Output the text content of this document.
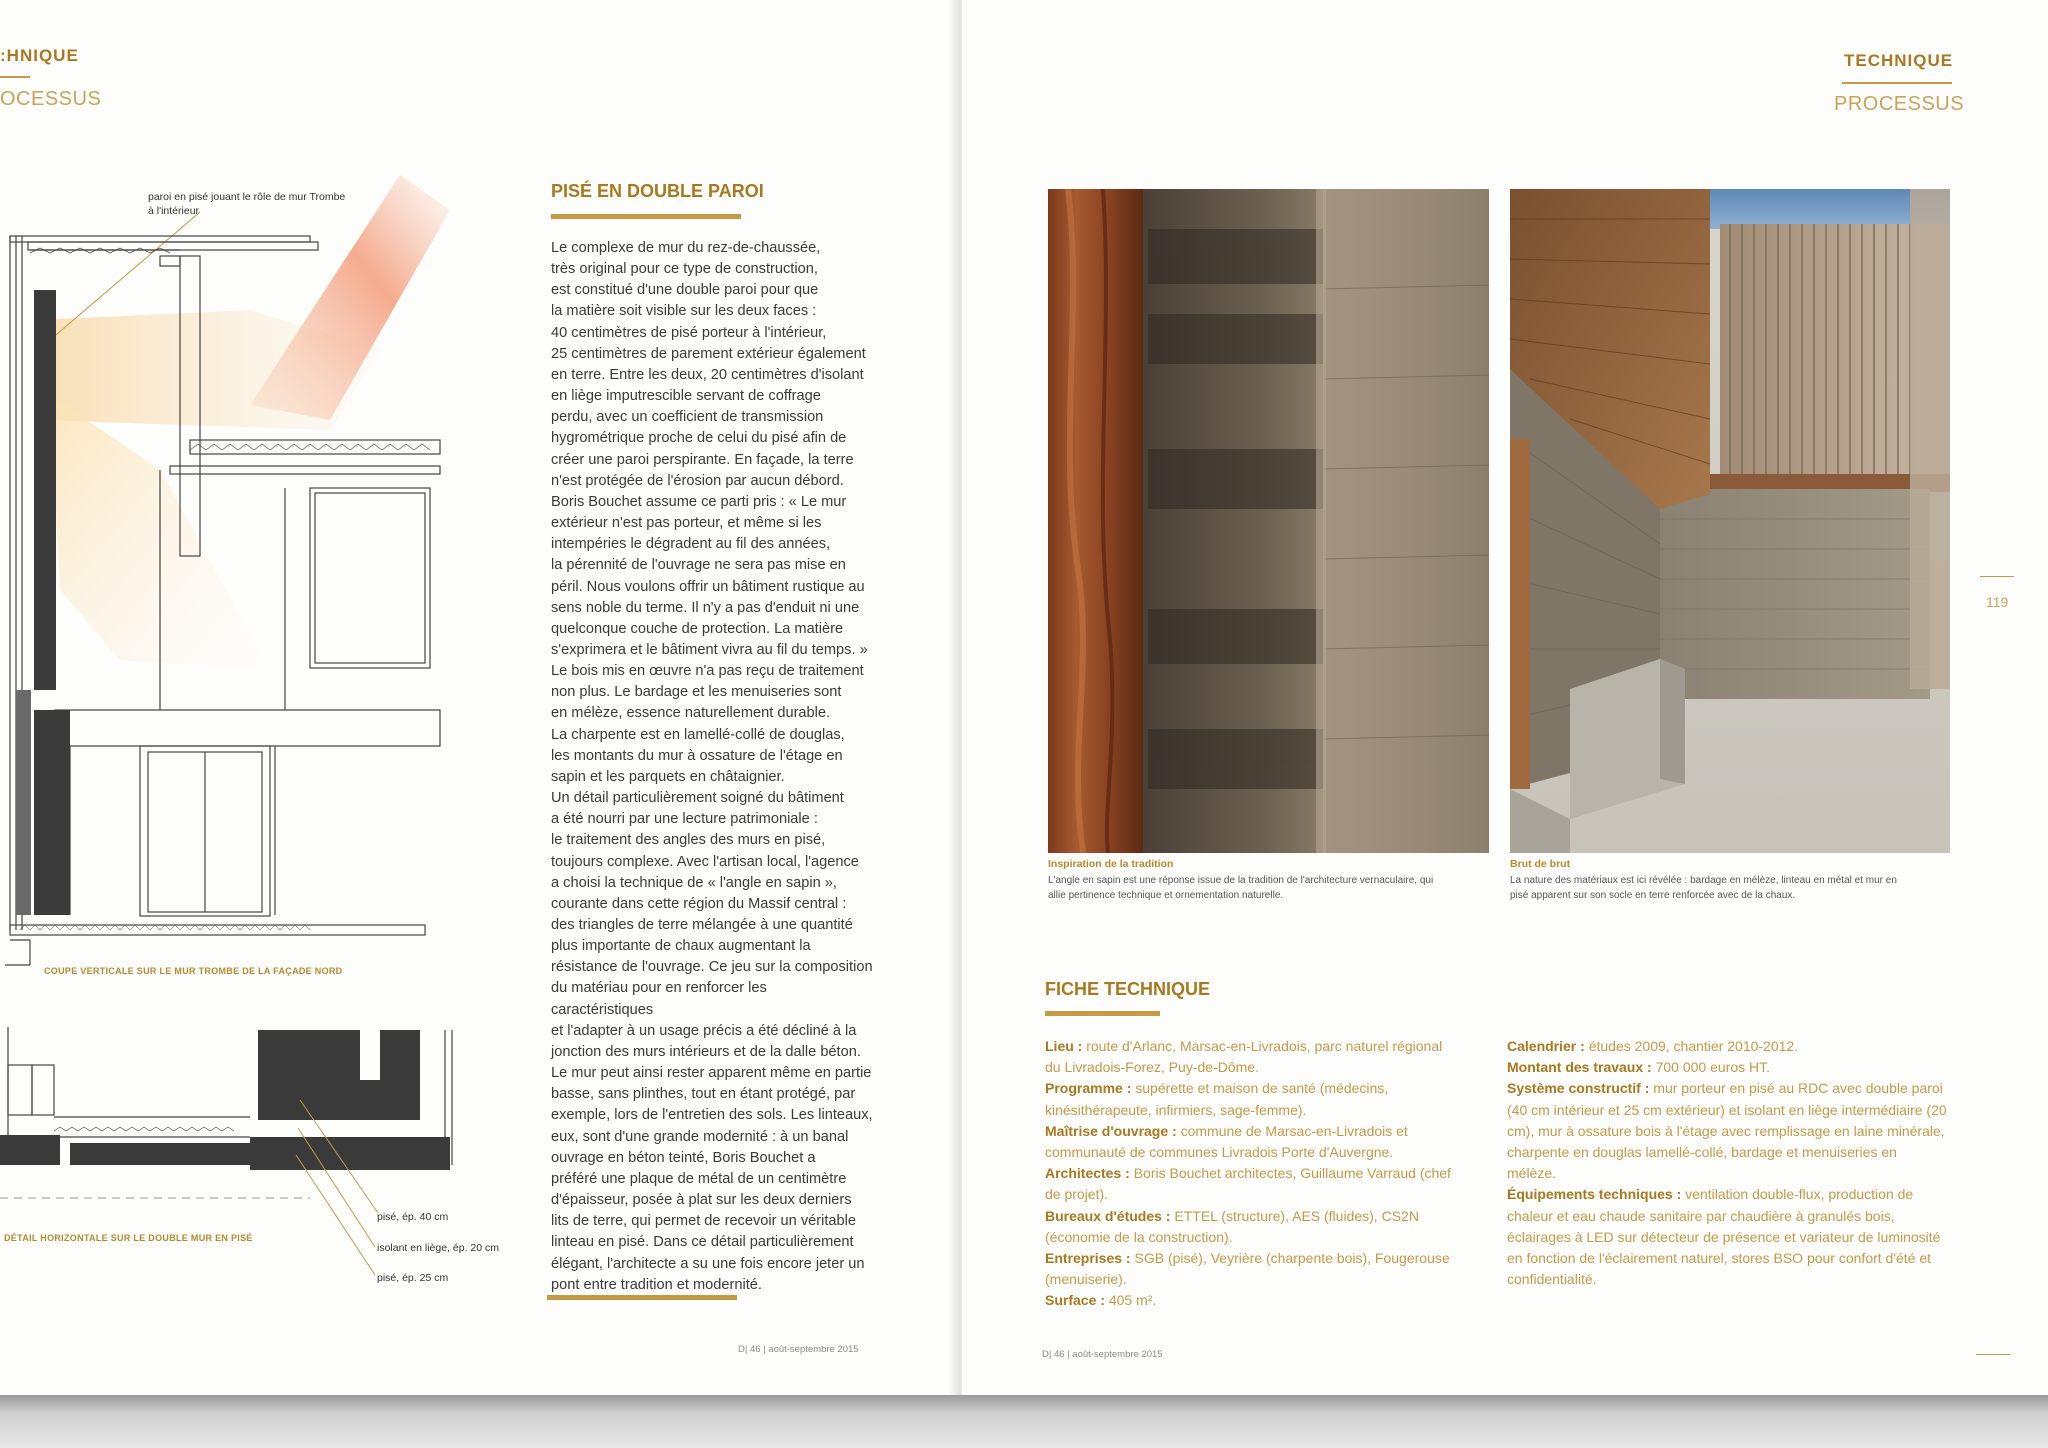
:HNIQUE
OCESSUS
paroi en pisé jouant le rôle de mur Trombe à l'intérieur
COUPE VERTICALE SUR LE MUR TROMBE DE LA FAÇADE NORD
DÉTAIL HORIZONTALE SUR LE DOUBLE MUR EN PISÉ
pisé, ép. 40 cm
isolant en liège, ép. 20 cm
pisé, ép. 25 cm
PISÉ EN DOUBLE PAROI

Le complexe de mur du rez-de-chaussée,

très original pour ce type de construction,

est constitué d'une double paroi pour que

la matière soit visible sur les deux faces :

40 centimètres de pisé porteur à l'intérieur,

25 centimètres de parement extérieur également

en terre. Entre les deux, 20 centimètres d'isolant

en liège imputrescible servant de coffrage

perdu, avec un coefficient de transmission

hygrométrique proche de celui du pisé afin de

créer une paroi perspirante. En façade, la terre

n'est protégée de l'érosion par aucun débord.

Boris Bouchet assume ce parti pris : « Le mur

extérieur n'est pas porteur, et même si les

intempéries le dégradent au fil des années,

la pérennité de l'ouvrage ne sera pas mise en

péril. Nous voulons offrir un bâtiment rustique au

sens noble du terme. Il n'y a pas d'enduit ni une

quelconque couche de protection. La matière

s'exprimera et le bâtiment vivra au fil du temps. »

Le bois mis en œuvre n'a pas reçu de traitement

non plus. Le bardage et les menuiseries sont

en mélèze, essence naturellement durable.

La charpente est en lamellé-collé de douglas,

les montants du mur à ossature de l'étage en

sapin et les parquets en châtaignier.

Un détail particulièrement soigné du bâtiment

a été nourri par une lecture patrimoniale :

le traitement des angles des murs en pisé,

toujours complexe. Avec l'artisan local, l'agence

a choisi la technique de « l'angle en sapin »,

courante dans cette région du Massif central :

des triangles de terre mélangée à une quantité

plus importante de chaux augmentant la

résistance de l'ouvrage. Ce jeu sur la composition

du matériau pour en renforcer les caractéristiques

et l'adapter à un usage précis a été décliné à la

jonction des murs intérieurs et de la dalle béton.

Le mur peut ainsi rester apparent même en partie

basse, sans plinthes, tout en étant protégé, par

exemple, lors de l'entretien des sols. Les linteaux,

eux, sont d'une grande modernité : à un banal

ouvrage en béton teinté, Boris Bouchet a

préféré une plaque de métal de un centimètre

d'épaisseur, posée à plat sur les deux derniers

lits de terre, qui permet de recevoir un véritable

linteau en pisé. Dans ce détail particulièrement

élégant, l'architecte a su une fois encore jeter un

pont entre tradition et modernité.

D| 46 | août-septembre 2015
TECHNIQUE
PROCESSUS
Inspiration de la tradition
L'angle en sapin est une réponse issue de la tradition de l'architecture vernaculaire, qui
allie pertinence technique et ornementation naturelle.
Brut de brut
La nature des matériaux est ici révélée : bardage en mélèze, linteau en métal et mur en
pisé apparent sur son socle en terre renforcée avec de la chaux.
FICHE TECHNIQUE
Lieu : route d'Arlanc, Marsac-en-Livradois, parc naturel régional du Livradois-Forez, Puy-de-Dôme.
Programme : supérette et maison de santé (médecins, kinésithérapeute, infirmiers, sage-femme).
Maîtrise d'ouvrage : commune de Marsac-en-Livradois et communauté de communes Livradois Porte d'Auvergne.
Architectes : Boris Bouchet architectes, Guillaume Varraud (chef de projet).
Bureaux d'études : ETTEL (structure), AES (fluides), CS2N (économie de la construction).
Entreprises : SGB (pisé), Veyrière (charpente bois), Fougerouse (menuiserie).
Surface : 405 m².
Calendrier : études 2009, chantier 2010-2012.
Montant des travaux : 700 000 euros HT.
Système constructif : mur porteur en pisé au RDC avec double paroi (40 cm intérieur et 25 cm extérieur) et isolant en liège intermédiaire (20 cm), mur à ossature bois à l'étage avec remplissage en laine minérale, charpente en douglas lamellé-collé, bardage et menuiseries en mélèze.
Équipements techniques : ventilation double-flux, production de chaleur et eau chaude sanitaire par chaudière à granulés bois, éclairages à LED sur détecteur de présence et variateur de luminosité en fonction de l'éclairement naturel, stores BSO pour confort d'été et confidentialité.
119
D| 46 | août-septembre 2015
